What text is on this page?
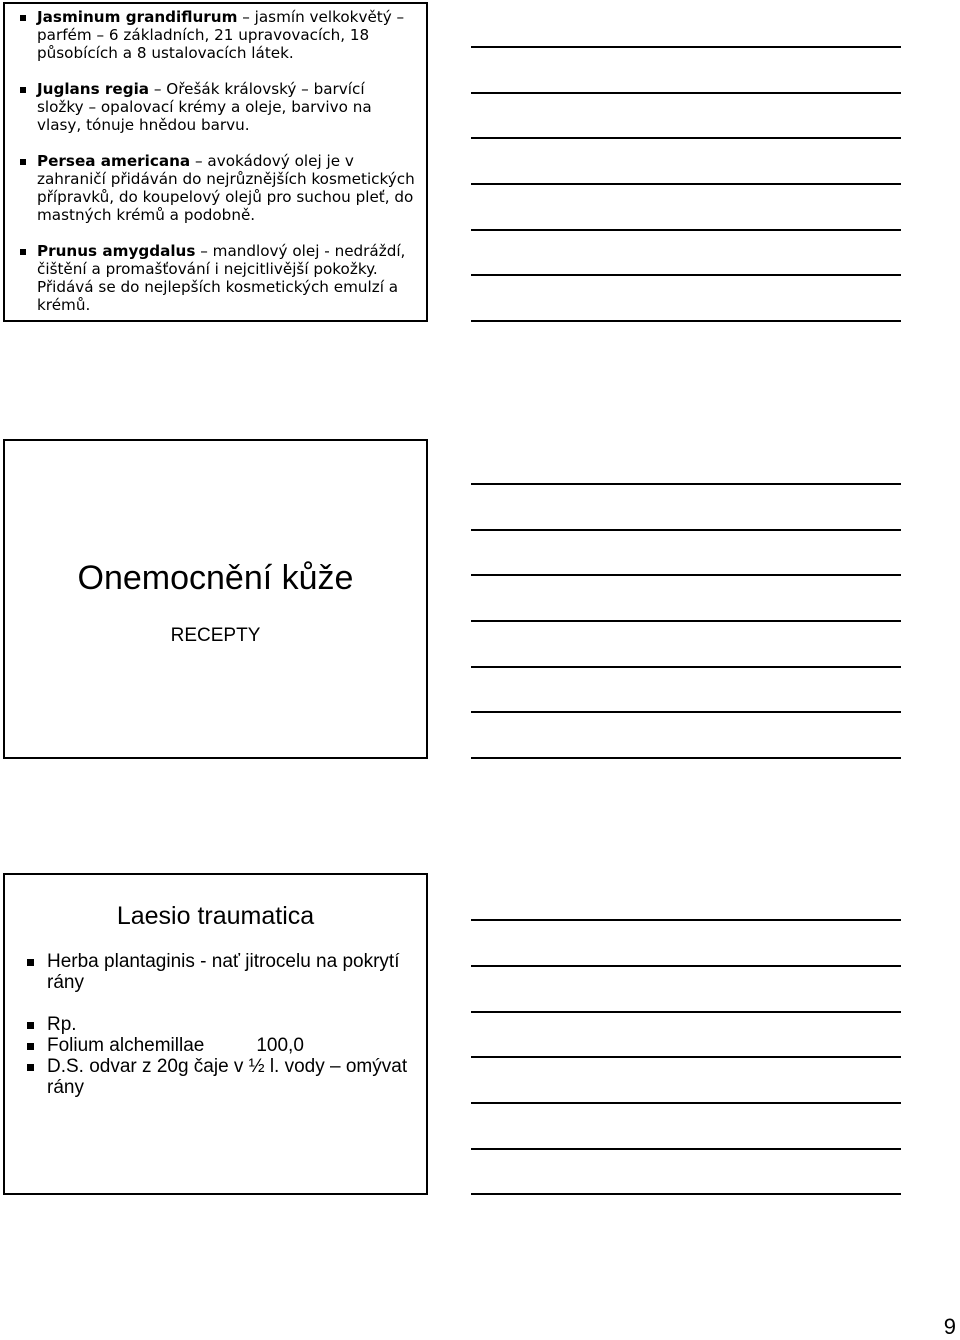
Jasminum grandiflurum – jasmín velkokvětý – parfém – 6 základních, 21 upravovacích, 18 působících a 8 ustalovacích látek.
Juglans regia – Ořešák královský – barvící složky – opalovací krémy a oleje, barvivo na vlasy, tónuje hnědou barvu.
Persea americana – avokádový olej je v zahraničí přidáván do nejrůznějších kosmetických přípravků, do koupelový olejů pro suchou pleť, do mastných krémů a podobně.
Prunus amygdalus – mandlový olej - nedráždí, čištění a promašťování i nejcitlivější pokožky. Přidává se do nejlepších kosmetických emulzí a krémů.
Onemocnění kůže
RECEPTY
Laesio traumatica
Herba plantaginis - nať jitrocelu na pokrytí rány
Rp.
Folium alchemillae	100,0
D.S. odvar z 20g čaje v ½ l. vody – omývat rány
9
